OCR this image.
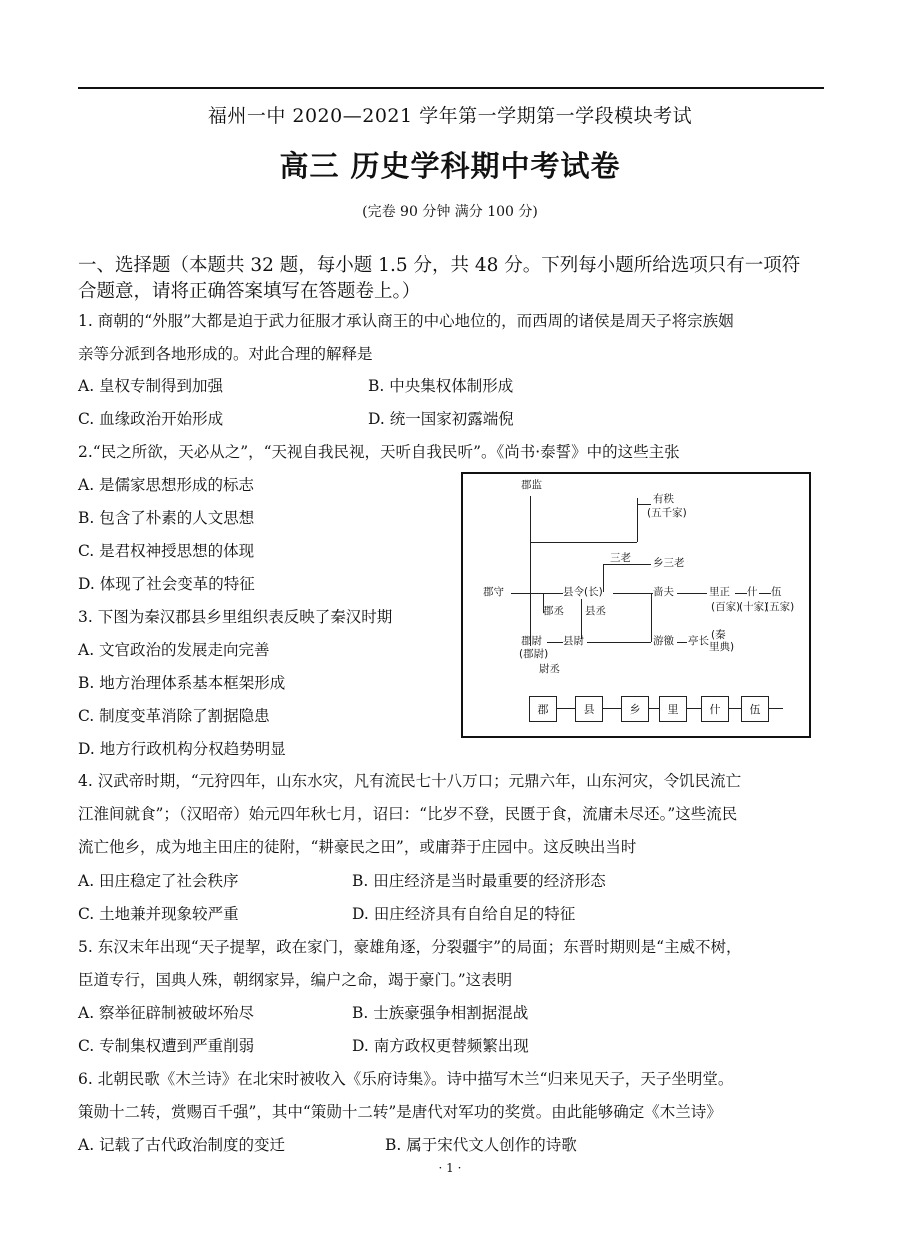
福州一中 2020—2021 学年第一学期第一学段模块考试
高三 历史学科期中考试卷
(完卷 90 分钟 满分 100 分)
一、选择题（本题共 32 题，每小题 1.5 分，共 48 分。下列每小题所给选项只有一项符
合题意，请将正确答案填写在答题卷上。）
1. 商朝的“外服”大都是迫于武力征服才承认商王的中心地位的，而西周的诸侯是周天子将宗族姻
亲等分派到各地形成的。对此合理的解释是
A. 皇权专制得到加强	B. 中央集权体制形成
C. 血缘政治开始形成	D. 统一国家初露端倪
2.“民之所欲，天必从之”，“天视自我民视，天听自我民听”。《尚书·泰誓》中的这些主张
A. 是儒家思想形成的标志
B. 包含了朴素的人文思想
C. 是君权神授思想的体现
D. 体现了社会变革的特征
3. 下图为秦汉郡县乡里组织表反映了秦汉时期
A. 文官政治的发展走向完善
B. 地方治理体系基本框架形成
C. 制度变革消除了割据隐患
D. 地方行政机构分权趋势明显
郡监
有秩
(五千家)
三老 乡三老
郡守	县令(长)	啬夫	里正 什 伍
(百家)
(秦
里典)
(十家)
(五家)
郡丞 县丞
郡尉
(郡尉)
县尉	游徼 亭长
尉丞
郡	县	乡	里	什	伍
4. 汉武帝时期，“元狩四年，山东水灾，凡有流民七十八万口；元鼎六年，山东河灾，令饥民流亡
江淮间就食”；（汉昭帝）始元四年秋七月，诏曰：“比岁不登，民匮于食，流庸未尽还。”这些流民
流亡他乡，成为地主田庄的徒附，“耕豪民之田”，或庸莽于庄园中。这反映出当时
A. 田庄稳定了社会秩序	B. 田庄经济是当时最重要的经济形态
C. 土地兼并现象较严重	D. 田庄经济具有自给自足的特征
5. 东汉末年出现“天子提挈，政在家门，豪雄角逐，分裂疆宇”的局面；东晋时期则是“主威不树，
臣道专行，国典人殊，朝纲家异，编户之命，竭于豪门。”这表明
A. 察举征辟制被破坏殆尽	B. 士族豪强争相割据混战
C. 专制集权遭到严重削弱	D. 南方政权更替频繁出现
6. 北朝民歌《木兰诗》在北宋时被收入《乐府诗集》。诗中描写木兰“归来见天子，天子坐明堂。
策勋十二转，赏赐百千强”，其中“策勋十二转”是唐代对军功的奖赏。由此能够确定《木兰诗》
A. 记载了古代政治制度的变迁	B. 属于宋代文人创作的诗歌
· 1 ·
